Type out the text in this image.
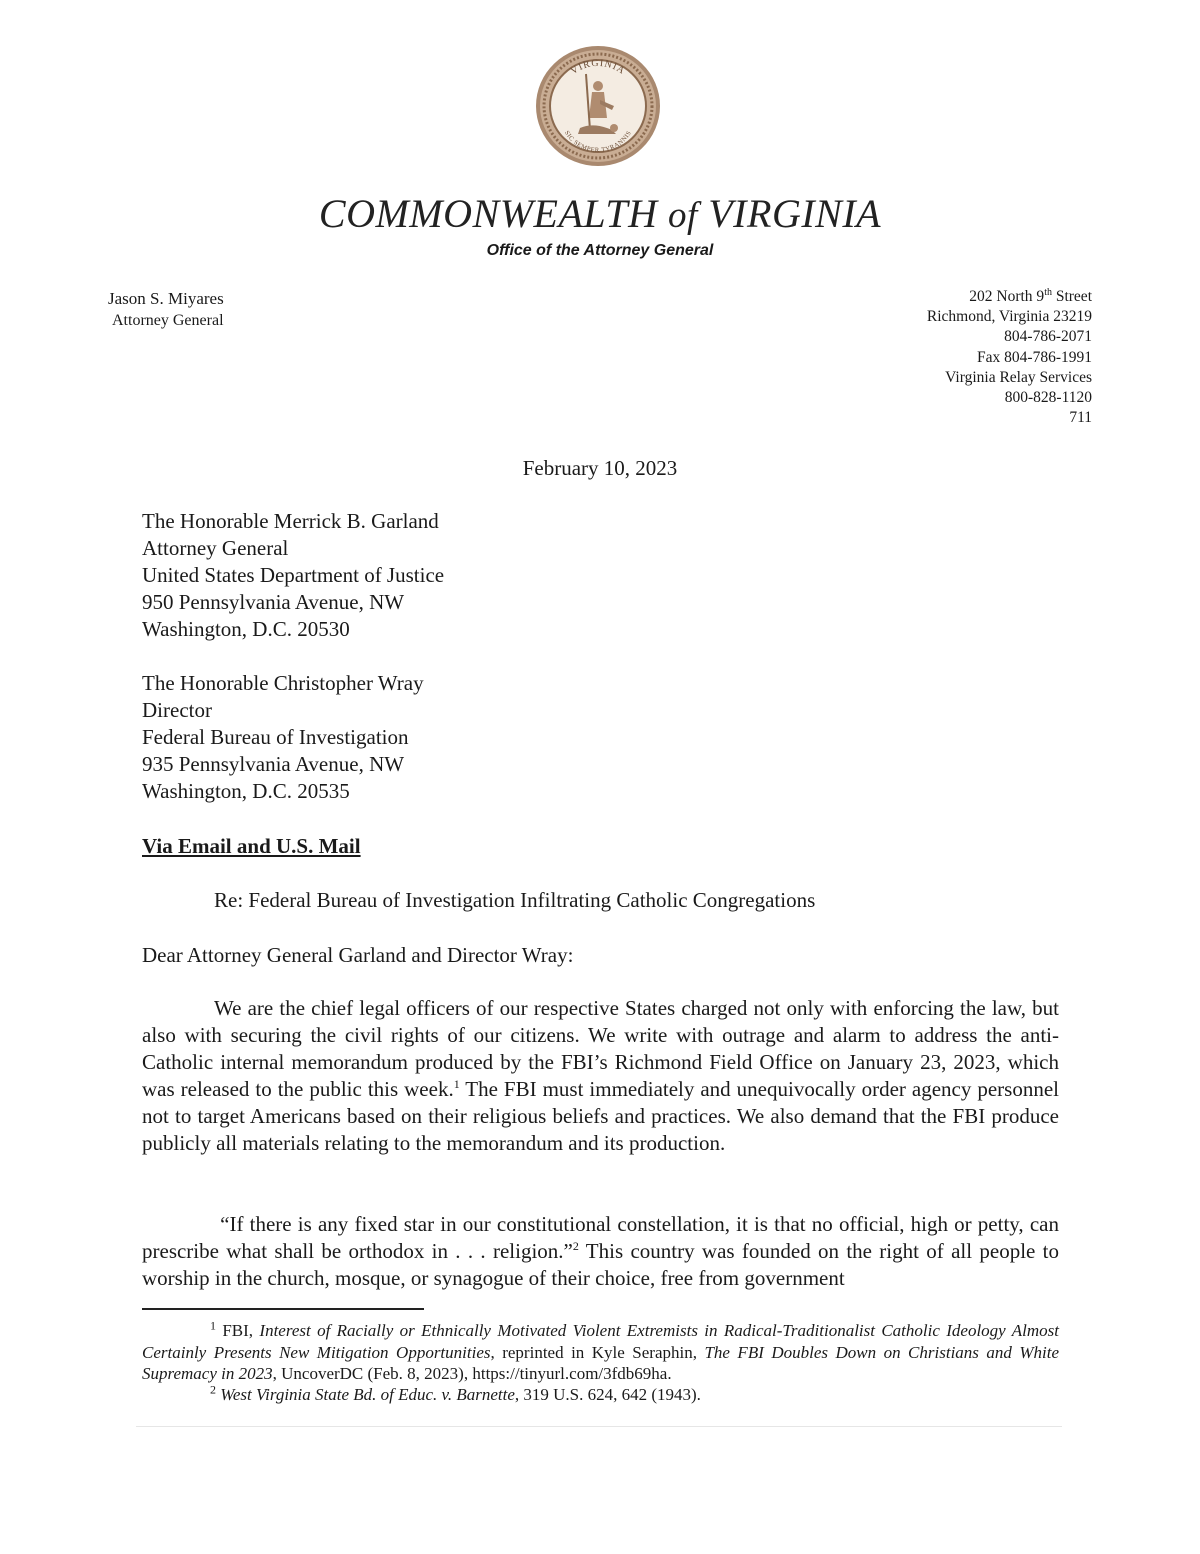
VIRGINIA
SIC SEMPER TYRANNIS
COMMONWEALTH of VIRGINIA
Office of the Attorney General
Jason S. Miyares
Attorney General
202 North 9th Street
Richmond, Virginia 23219
804-786-2071
Fax 804-786-1991
Virginia Relay Services
800-828-1120
711
February 10, 2023
The Honorable Merrick B. Garland
Attorney General
United States Department of Justice
950 Pennsylvania Avenue, NW
Washington, D.C. 20530
The Honorable Christopher Wray
Director
Federal Bureau of Investigation
935 Pennsylvania Avenue, NW
Washington, D.C. 20535
Via Email and U.S. Mail
Re: Federal Bureau of Investigation Infiltrating Catholic Congregations
Dear Attorney General Garland and Director Wray:
We are the chief legal officers of our respective States charged not only with enforcing the law, but also with securing the civil rights of our citizens. We write with outrage and alarm to address the anti-Catholic internal memorandum produced by the FBI’s Richmond Field Office on January 23, 2023, which was released to the public this week.$^1$ The FBI must immediately and unequivocally order agency personnel not to target Americans based on their religious beliefs and practices. We also demand that the FBI produce publicly all materials relating to the memorandum and its production.
“If there is any fixed star in our constitutional constellation, it is that no official, high or petty, can prescribe what shall be orthodox in . . . religion.”$^2$ This country was founded on the right of all people to worship in the church, mosque, or synagogue of their choice, free from government
$^1$ FBI, Interest of Racially or Ethnically Motivated Violent Extremists in Radical-Traditionalist Catholic Ideology Almost Certainly Presents New Mitigation Opportunities, reprinted in Kyle Seraphin, The FBI Doubles Down on Christians and White Supremacy in 2023, UncoverDC (Feb. 8, 2023), https://tinyurl.com/3fdb69ha.
$^2$ West Virginia State Bd. of Educ. v. Barnette, 319 U.S. 624, 642 (1943).
